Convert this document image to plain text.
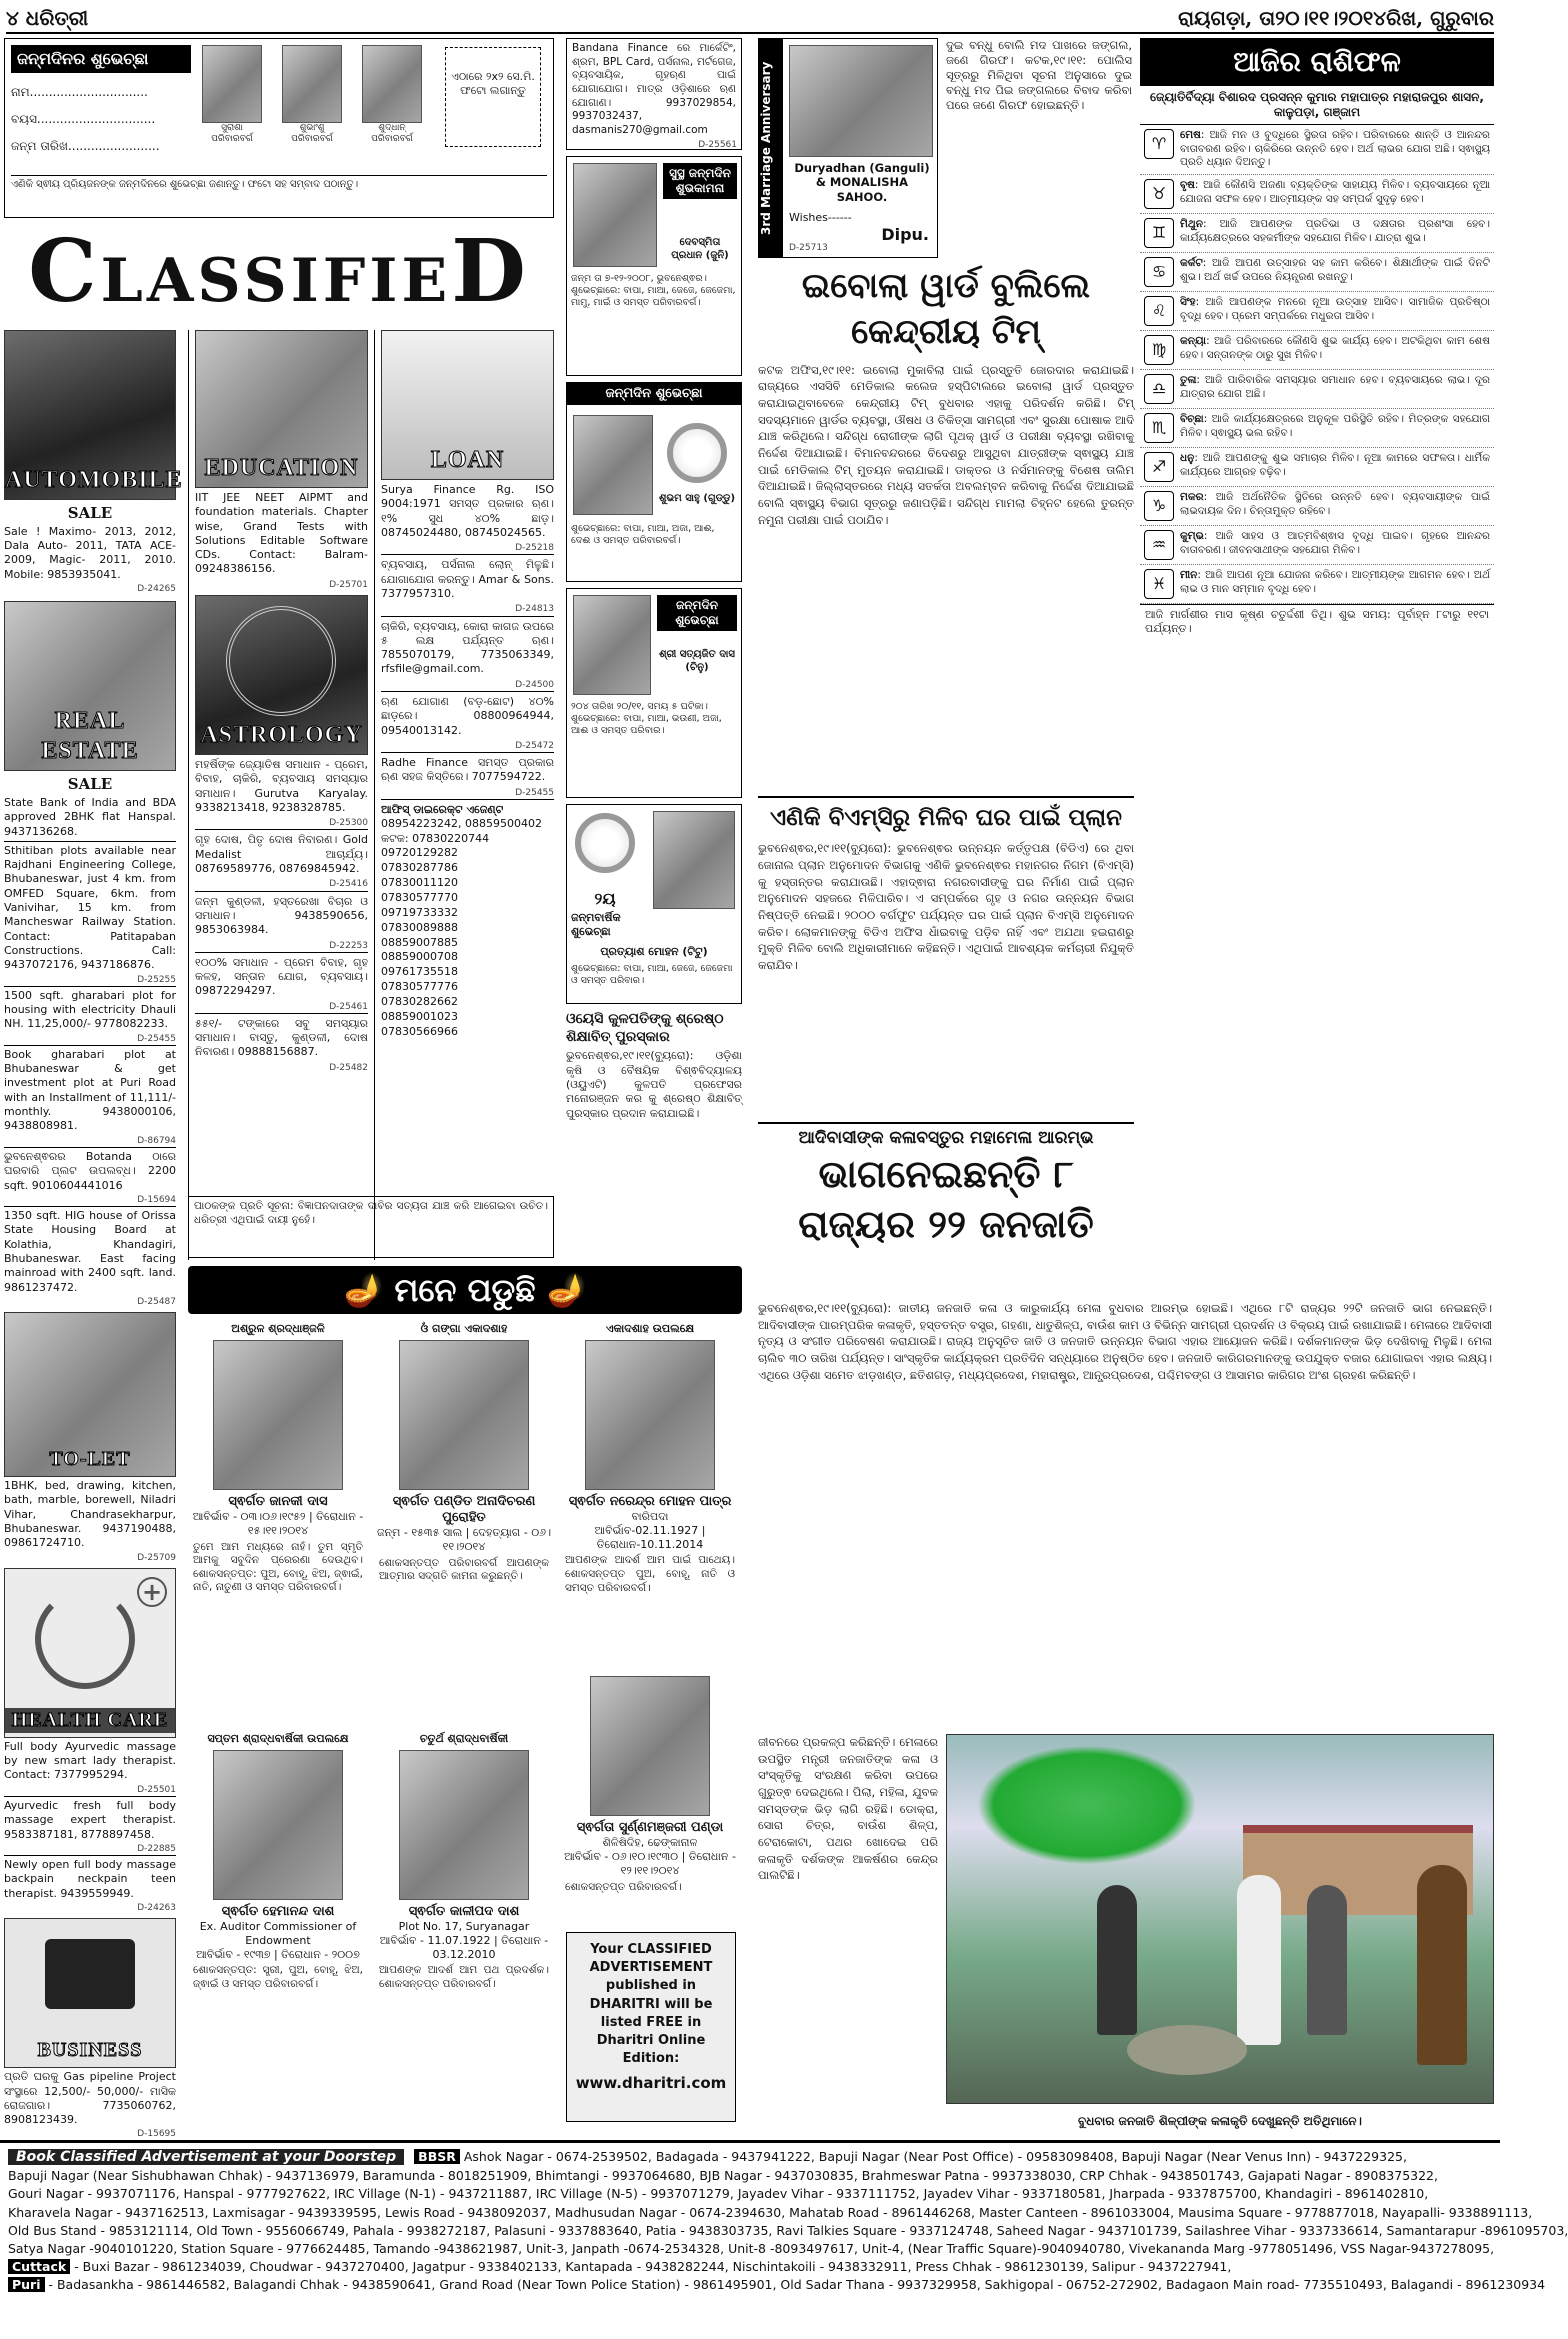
୪ ଧରିତ୍ରୀ	ରାୟଗଡ଼ା, ତା୨୦।୧୧।୨୦୧୪ରିଖ, ଗୁରୁବାର
ଜନ୍ମଦିନର ଶୁଭେଚ୍ଛା
ନାମ...............................
ବୟସ...............................
ଜନ୍ମ ତାରିଖ........................
ସୁରାଶା ପରିବାରବର୍ଗ
ଶୁଭାଂଶୁ ପରିବାରବର୍ଗ
ଶୁଦ୍ଧାନ୍ ପରିବାରବର୍ଗ
ଏଠାରେ ୨x୨ ସେ.ମି. ଫଟୋ ଲଗାନ୍ତୁ
ଏଣିକି ସ୍ଵୀୟ ପ୍ରିୟଜନଙ୍କ ଜନ୍ମଦିନରେ ଶୁଭେଚ୍ଛା ଜଣାନ୍ତୁ। ଫଟୋ ସହ ସମ୍ବାଦ ପଠାନ୍ତୁ।
ClassifieD
Bandana Finance ରେ ମାର୍କେଟିଂ, ଶ୍ରମ, BPL Card, ପର୍ସନାଲ, ମର୍ଟଗେଜ, ବ୍ୟବସାୟିକ, ଗୃହଋଣ ପାଇଁ ଯୋଗାଯୋଗ। ମାତ୍ର ଓଡ଼ିଶାରେ ଋଣ ଯୋଗାଣ। 9937029854, 9937032437, dasmanis270@gmail.com
D-25561
AUTOMOBILE
SALE
Sale ! Maximo- 2013, 2012, Dala Auto- 2011, TATA ACE- 2009, Magic- 2011, 2010. Mobile: 9853935041.
D-24265
REAL ESTATE
SALE
State Bank of India and BDA approved 2BHK flat Hanspal. 9437136268.
Sthitiban plots available near Rajdhani Engineering College, Bhubaneswar, just 4 km. from OMFED Square, 6km. from Vanivihar, 15 km. from Mancheswar Railway Station. Contact: Patitapaban Constructions. Call: 9437072176, 9437186876.
D-25255
1500 sqft. gharabari plot for housing with electricity Dhauli NH. 11,25,000/- 9778082233.
D-25455
Book gharabari plot at Bhubaneswar & get investment plot at Puri Road with an Installment of 11,111/- monthly. 9438000106, 9438808981.
D-86794
ଭୁବନେଶ୍ଵରର Botanda ଠାରେ ଘରବାରି ପ୍ଲଟ ଉପଲବ୍ଧ। 2200 sqft. 9010604441016
D-15694
1350 sqft. HIG house of Orissa State Housing Board at Kolathia, Khandagiri, Bhubaneswar. East facing mainroad with 2400 sqft. land. 9861237472.
D-25487
TO-LET
1BHK, bed, drawing, kitchen, bath, marble, borewell, Niladri Vihar, Chandrasekharpur, Bhubaneswar. 9437190488, 09861724710.
D-25709
+
HEALTH CARE
Full body Ayurvedic massage by new smart lady therapist. Contact: 7377995294.
D-25501
Ayurvedic fresh full body massage expert therapist. 9583387181, 8778897458.
D-22885
Newly open full body massage backpain neckpain teen therapist. 9439559949.
D-24263
BUSINESS
ପ୍ରତି ଘରକୁ Gas pipeline Project ସଂସ୍ଥାରେ 12,500/- 50,000/- ମାସିକ ରୋଜଗାର। 7735060762, 8908123439.
D-15695
EDUCATION
IIT JEE NEET AIPMT and foundation materials. Chapter wise, Grand Tests with Solutions Editable Software CDs. Contact: Balram- 09248386156.
D-25701
ASTROLOGY
ମହର୍ଷିଙ୍କ ଜ୍ୟୋତିଷ ସମାଧାନ - ପ୍ରେମ, ବିବାହ, ଚାକିରି, ବ୍ୟବସାୟ ସମସ୍ୟାର ସମାଧାନ। Gurutva Karyalay. 9338213418, 9238328785.
D-25300
ଗୃହ ଦୋଷ, ପିତୃ ଦୋଷ ନିବାରଣ। Gold Medalist ଆଚାର୍ଯ୍ୟ। 08769589776, 08769845942.
D-25416
ଜନ୍ମ କୁଣ୍ଡଳୀ, ହସ୍ତରେଖା ବିଚାର ଓ ସମାଧାନ। 9438590656, 9853063984.
D-22253
୧୦୦% ସମାଧାନ - ପ୍ରେମ ବିବାହ, ଗୃହ କଳହ, ସନ୍ତାନ ଯୋଗ, ବ୍ୟବସାୟ। 09872294297.
D-25461
୫୫୧/- ଟଙ୍କାରେ ସବୁ ସମସ୍ୟାର ସମାଧାନ। ବାସ୍ତୁ, କୁଣ୍ଡଳୀ, ଦୋଷ ନିବାରଣ। 09888156887.
D-25482
LOAN
Surya Finance Rg. ISO 9004:1971 ସମସ୍ତ ପ୍ରକାର ଋଣ। ୧% ସୁଧ ୪୦% ଛାଡ଼। 08745024480, 08745024565.
D-25218
ବ୍ୟବସାୟ, ପର୍ସନାଲ ଲୋନ୍ ମିଳୁଛି। ଯୋଗାଯୋଗ କରନ୍ତୁ। Amar & Sons. 7377957310.
D-24813
ଚାକିରି, ବ୍ୟବସାୟ, କୋରା କାଗଜ ଉପରେ ୫ ଲକ୍ଷ ପର୍ଯ୍ୟନ୍ତ ଋଣ। 7855070179, 7735063349, rfsfile@gmail.com.
D-24500
ଋଣ ଯୋଗାଣ (ବଡ଼-ଛୋଟ) ୪୦% ଛାଡ଼ରେ। 08800964944, 09540013142.
D-25472
Radhe Finance ସମସ୍ତ ପ୍ରକାର ଋଣ ସହଜ କିସ୍ତିରେ। 7077594722.
D-25455
ଆଫିସ୍ ଡାଇରେକ୍ଟ ଏଜେଣ୍ଟ
08954223242, 08859500402
କଟକ: 07830220744
09720129282
07830287786
07830011120
07830577770
09719733332
07830089888
08859007885
08859000708
09761735518
07830577776
07830282662
08859001023
07830566966
ପାଠକଙ୍କ ପ୍ରତି ସୂଚନା: ବିଜ୍ଞାପନଦାତାଙ୍କ ଦାବିର ସତ୍ୟତା ଯାଞ୍ଚ କରି ଆଗେଇବା ଉଚିତ। ଧରିତ୍ରୀ ଏଥିପାଇଁ ଦାୟୀ ନୁହେଁ।
ସୁସ୍ଥ ଜନ୍ମଦିନ ଶୁଭକାମନା
ଦେବସ୍ମିତା ପ୍ରଧାନ (ଜୁନି)
ଜନ୍ମ ତା ୭-୧୨-୨୦୦୮, ଭୁବନେଶ୍ଵର। ଶୁଭେଚ୍ଛାରେ: ବାପା, ମାଆ, ଜେଜେ, ଜେଜେମା, ମାମୁ, ମାଇଁ ଓ ସମସ୍ତ ପରିବାରବର୍ଗ।
ଜନ୍ମଦିନ ଶୁଭେଚ୍ଛା
ଶୁଭମ ସାହୁ (ଗୁଡ୍ଡୁ)
ଶୁଭେଚ୍ଛାରେ: ବାପା, ମାଆ, ଅଜା, ଆଈ, ଦେଈ ଓ ସମସ୍ତ ପରିବାରବର୍ଗ।
ଜନ୍ମଦିନ ଶୁଭେଚ୍ଛା
ଶ୍ରୀ ସତ୍ୟଜିତ ଦାସ (ଚିନୁ)
୨୦୪ ତାରିଖ ୨୦/୧୧, ସମୟ ୫ ଘଟିକା। ଶୁଭେଚ୍ଛାରେ: ବାପା, ମାଆ, ଭଉଣୀ, ଅଜା, ଆଈ ଓ ସମସ୍ତ ପରିବାର।
୨ୟ
ଜନ୍ମବାର୍ଷିକ ଶୁଭେଚ୍ଛା
ପ୍ରତ୍ୟାଶ ମୋହନ (ଟିଟୁ)
ଶୁଭେଚ୍ଛାରେ: ବାପା, ମାଆ, ଜେଜେ, ଜେଜେମା ଓ ସମସ୍ତ ପରିବାର।
ଓୟେସି କୁଳପତିଙ୍କୁ ଶ୍ରେଷ୍ଠ ଶିକ୍ଷାବିତ୍ ପୁରସ୍କାର
ଭୁବନେଶ୍ଵର,୧୯।୧୧(ବ୍ୟୁରୋ): ଓଡ଼ିଶା କୃଷି ଓ ବୈଷୟିକ ବିଶ୍ଵବିଦ୍ୟାଳୟ (ଓୟୁଏଟି) କୁଳପତି ପ୍ରଫେସର ମନୋରଞ୍ଜନ କର କୁ ଶ୍ରେଷ୍ଠ ଶିକ୍ଷାବିତ୍ ପୁରସ୍କାର ପ୍ରଦାନ କରାଯାଇଛି।
🪔 ମନେ ପଡୁଛି 🪔
ଅଶ୍ରୁଳ ଶ୍ରଦ୍ଧାଞ୍ଜଳି
ସ୍ଵର୍ଗତ ଜାନକୀ ଦାସ
ଆବିର୍ଭାବ - ୦୩।୦୬।୧୯୫୨ | ତିରୋଧାନ - ୧୫।୧୧।୨୦୧୪
ତୁମେ ଆମ ମଧ୍ୟରେ ନାହଁ। ତୁମ ସ୍ମୃତି ଆମକୁ ସବୁଦିନ ପ୍ରେରଣା ଦେଉଥିବ। ଶୋକସନ୍ତପ୍ତ: ପୁଅ, ବୋହୂ, ଝିଅ, ଜ୍ଵାଇଁ, ନାତି, ନାତୁଣୀ ଓ ସମସ୍ତ ପରିବାରବର୍ଗ।
ଓଁ ଗଙ୍ଗା ଏକାଦଶାହ
ସ୍ଵର୍ଗତ ପଣ୍ଡିତ ଅନାଦିଚରଣ ପୁରୋହିତ
ଜନ୍ମ - ୧୫୩୫ ସାଲ | ଦେହତ୍ୟାଗ - ୦୬।୧୧।୨୦୧୪
ଶୋକସନ୍ତପ୍ତ ପରିବାରବର୍ଗ ଆପଣଙ୍କ ଆତ୍ମାର ସଦ୍ଗତି କାମନା କରୁଛନ୍ତି।
ଏକାଦଶାହ ଉପଲକ୍ଷେ
ସ୍ଵର୍ଗତ ନରେନ୍ଦ୍ର ମୋହନ ପାତ୍ର
ବାରିପଦା
ଆବିର୍ଭାବ-02.11.1927 | ତିରୋଧାନ-10.11.2014
ଆପଣଙ୍କ ଆଦର୍ଶ ଆମ ପାଇଁ ପାଥେୟ। ଶୋକସନ୍ତପ୍ତ ପୁଅ, ବୋହୂ, ନାତି ଓ ସମସ୍ତ ପରିବାରବର୍ଗ।
ସପ୍ତମ ଶ୍ରାଦ୍ଧବାର୍ଷିକୀ ଉପଲକ୍ଷେ
ସ୍ଵର୍ଗତ ହେମାନନ୍ଦ ଦାଶ
Ex. Auditor Commissioner of Endowment
ଆବିର୍ଭାବ - ୧୯୩୭ | ତିରୋଧାନ - ୨୦୦୭
ଶୋକସନ୍ତପ୍ତ: ସ୍ତ୍ରୀ, ପୁଅ, ବୋହୂ, ଝିଅ, ଜ୍ଵାଇଁ ଓ ସମସ୍ତ ପରିବାରବର୍ଗ।
ଚତୁର୍ଥ ଶ୍ରାଦ୍ଧବାର୍ଷିକୀ
ସ୍ଵର୍ଗତ କାଳୀପଦ ଦାଶ
Plot No. 17, Suryanagar
ଆବିର୍ଭାବ - 11.07.1922 | ତିରୋଧାନ - 03.12.2010
ଆପଣଙ୍କ ଆଦର୍ଶ ଆମ ପଥ ପ୍ରଦର୍ଶକ। ଶୋକସନ୍ତପ୍ତ ପରିବାରବର୍ଗ।
ସ୍ଵର୍ଗତା ସୁର୍ଣ୍ଣମଞ୍ଜରୀ ପଣ୍ଡା
ଶିଳିଷିଦିହ, ଢେଙ୍କାନାଳ
ଆବିର୍ଭାବ - ୦୬।୧୦।୧୯୩୦ | ତିରୋଧାନ - ୧୨।୧୧।୨୦୧୪
ଶୋକସନ୍ତପ୍ତ ପରିବାରବର୍ଗ।
Your CLASSIFIED ADVERTISEMENT published in DHARITRI will be listed FREE in Dharitri Online Edition:
www.dharitri.com
3rd Marriage Anniversary	Duryadhan (Ganguli) & MONALISHA SAHOO.
Wishes------
Dipu.
D-25713
ଦୁଇ ବନ୍ଧୁ ବୋଲି ମଦ ପାଖରେ ଜଙ୍ଗଲ, ଜଣେ ଗିରଫ। କଟକ,୧୯।୧୧: ପୋଲିସ ସୂତ୍ରରୁ ମିଳିଥିବା ସୂଚନା ଅନୁସାରେ ଦୁଇ ବନ୍ଧୁ ମଦ ପିଇ ଜଙ୍ଗଲରେ ବିବାଦ କରିବା ପରେ ଜଣେ ଗିରଫ ହୋଇଛନ୍ତି।
ଇବୋଲା ୱାର୍ଡ ବୁଲିଲେ କେନ୍ଦ୍ରୀୟ ଟିମ୍
କଟକ ଅଫିସ,୧୯।୧୧: ଇବୋଲା ମୁକାବିଲା ପାଇଁ ପ୍ରସ୍ତୁତି ଜୋରଦାର କରାଯାଇଛି। ରାଜ୍ୟରେ ଏସସିବି ମେଡିକାଲ କଲେଜ ହସ୍ପିଟାଲରେ ଇବୋଲା ୱାର୍ଡ ପ୍ରସ୍ତୁତ କରାଯାଇଥିବାବେଳେ କେନ୍ଦ୍ରୀୟ ଟିମ୍ ବୁଧବାର ଏହାକୁ ପରିଦର୍ଶନ କରିଛି। ଟିମ୍ ସଦସ୍ୟମାନେ ୱାର୍ଡର ବ୍ୟବସ୍ଥା, ଔଷଧ ଓ ଚିକିତ୍ସା ସାମଗ୍ରୀ ଏବଂ ସୁରକ୍ଷା ପୋଷାକ ଆଦି ଯାଞ୍ଚ କରିଥିଲେ। ସନ୍ଦିଗ୍ଧ ରୋଗୀଙ୍କ ଲାଗି ପୃଥକ୍ ୱାର୍ଡ ଓ ପରୀକ୍ଷା ବ୍ୟବସ୍ଥା ରଖିବାକୁ ନିର୍ଦ୍ଦେଶ ଦିଆଯାଇଛି। ବିମାନବନ୍ଦରରେ ବିଦେଶରୁ ଆସୁଥିବା ଯାତ୍ରୀଙ୍କ ସ୍ଵାସ୍ଥ୍ୟ ଯାଞ୍ଚ ପାଇଁ ମେଡିକାଲ ଟିମ୍ ମୁତୟନ କରାଯାଇଛି। ଡାକ୍ତର ଓ ନର୍ସମାନଙ୍କୁ ବିଶେଷ ତାଲିମ ଦିଆଯାଇଛି। ଜିଲ୍ଲାସ୍ତରରେ ମଧ୍ୟ ସତର୍କତା ଅବଲମ୍ବନ କରିବାକୁ ନିର୍ଦ୍ଦେଶ ଦିଆଯାଇଛି ବୋଲି ସ୍ଵାସ୍ଥ୍ୟ ବିଭାଗ ସୂତ୍ରରୁ ଜଣାପଡ଼ିଛି। ସନ୍ଦିଗ୍ଧ ମାମଲା ଚିହ୍ନଟ ହେଲେ ତୁରନ୍ତ ନମୁନା ପରୀକ୍ଷା ପାଇଁ ପଠାଯିବ।
ଏଣିକି ବିଏମ୍ସିରୁ ମିଳିବ ଘର ପାଇଁ ପ୍ଲାନ
ଭୁବନେଶ୍ଵର,୧୯।୧୧(ବ୍ୟୁରୋ): ଭୁବନେଶ୍ଵର ଉନ୍ନୟନ କର୍ତ୍ତୃପକ୍ଷ (ବିଡିଏ) ରେ ଥିବା ଜୋନାଲ ପ୍ଲାନ ଅନୁମୋଦନ ବିଭାଗକୁ ଏଣିକି ଭୁବନେଶ୍ଵର ମହାନଗର ନିଗମ (ବିଏମ୍ସି) କୁ ହସ୍ତାନ୍ତର କରାଯାଉଛି। ଏହାଦ୍ଵାରା ନଗରବାସୀଙ୍କୁ ଘର ନିର୍ମାଣ ପାଇଁ ପ୍ଲାନ ଅନୁମୋଦନ ସହଜରେ ମିଳିପାରିବ। ଏ ସମ୍ପର୍କରେ ଗୃହ ଓ ନଗର ଉନ୍ନୟନ ବିଭାଗ ନିଷ୍ପତ୍ତି ନେଇଛି। ୨୦୦୦ ବର୍ଗଫୁଟ ପର୍ଯ୍ୟନ୍ତ ଘର ପାଇଁ ପ୍ଲାନ ବିଏମ୍ସି ଅନୁମୋଦନ କରିବ। ଲୋକମାନଙ୍କୁ ବିଡିଏ ଅଫିସ ଧାଁଇବାକୁ ପଡ଼ିବ ନାହିଁ ଏବଂ ଅଯଥା ହଇରାଣରୁ ମୁକ୍ତି ମିଳିବ ବୋଲି ଅଧିକାରୀମାନେ କହିଛନ୍ତି। ଏଥିପାଇଁ ଆବଶ୍ୟକ କର୍ମଚାରୀ ନିଯୁକ୍ତି କରାଯିବ।
ଆଦିବାସୀଙ୍କ କଳାବସ୍ତୁର ମହାମେଳା ଆରମ୍ଭ
ଭାଗନେଇଛନ୍ତି ୮
ରାଜ୍ୟର ୨୨ ଜନଜାତି
ଭୁବନେଶ୍ଵର,୧୯।୧୧(ବ୍ୟୁରୋ): ଜାତୀୟ ଜନଜାତି କଳା ଓ କାରୁକାର୍ଯ୍ୟ ମେଳା ବୁଧବାର ଆରମ୍ଭ ହୋଇଛି। ଏଥିରେ ୮ଟି ରାଜ୍ୟର ୨୨ଟି ଜନଜାତି ଭାଗ ନେଇଛନ୍ତି। ଆଦିବାସୀଙ୍କ ପାରମ୍ପରିକ କଳାକୃତି, ହସ୍ତତନ୍ତ ବସ୍ତ୍ର, ଗହଣା, ଧାତୁଶିଳ୍ପ, ବାଉଁଶ କାମ ଓ ବିଭିନ୍ନ ସାମଗ୍ରୀ ପ୍ରଦର୍ଶନ ଓ ବିକ୍ରୟ ପାଇଁ ରଖାଯାଇଛି। ମେଳାରେ ଆଦିବାସୀ ନୃତ୍ୟ ଓ ସଂଗୀତ ପରିବେଷଣ କରାଯାଉଛି। ରାଜ୍ୟ ଅନୁସୂଚିତ ଜାତି ଓ ଜନଜାତି ଉନ୍ନୟନ ବିଭାଗ ଏହାର ଆୟୋଜନ କରିଛି। ଦର୍ଶକମାନଙ୍କ ଭିଡ଼ ଦେଖିବାକୁ ମିଳୁଛି। ମେଳା ଚାଲିବ ୩୦ ତାରିଖ ପର୍ଯ୍ୟନ୍ତ। ସାଂସ୍କୃତିକ କାର୍ଯ୍ୟକ୍ରମ ପ୍ରତିଦିନ ସନ୍ଧ୍ୟାରେ ଅନୁଷ୍ଠିତ ହେବ। ଜନଜାତି କାରିଗରମାନଙ୍କୁ ଉପଯୁକ୍ତ ବଜାର ଯୋଗାଇବା ଏହାର ଲକ୍ଷ୍ୟ। ଏଥିରେ ଓଡ଼ିଶା ସମେତ ଝାଡ଼ଖଣ୍ଡ, ଛତିଶଗଡ଼, ମଧ୍ୟପ୍ରଦେଶ, ମହାରାଷ୍ଟ୍ର, ଆନ୍ଧ୍ରପ୍ରଦେଶ, ପଶ୍ଚିମବଙ୍ଗ ଓ ଆସାମର କାରିଗର ଅଂଶ ଗ୍ରହଣ କରିଛନ୍ତି।
ଆଜିର ରାଶିଫଳ
ଜ୍ୟୋତିର୍ବିଦ୍ୟା ବିଶାରଦ ପ୍ରସନ୍ନ କୁମାର ମହାପାତ୍ର ମହାରାଜପୁର ଶାସନ, କାଳୁପଡ଼ା, ଗଞ୍ଜାମ
♈	ମେଷ: ଆଜି ମନ ଓ ବୁଦ୍ଧିରେ ସ୍ଥିରତା ରହିବ। ପରିବାରରେ ଶାନ୍ତି ଓ ଆନନ୍ଦର ବାତାବରଣ ରହିବ। ଚାକିରିରେ ଉନ୍ନତି ହେବ। ଅର୍ଥ ଲାଭର ଯୋଗ ଅଛି। ସ୍ଵାସ୍ଥ୍ୟ ପ୍ରତି ଧ୍ୟାନ ଦିଅନ୍ତୁ।
♉	ବୃଷ: ଆଜି କୌଣସି ଅଜଣା ବ୍ୟକ୍ତିଙ୍କ ସାହାଯ୍ୟ ମିଳିବ। ବ୍ୟବସାୟରେ ନୂଆ ଯୋଜନା ସଫଳ ହେବ। ଆତ୍ମୀୟଙ୍କ ସହ ସମ୍ପର୍କ ସୁଦୃଢ଼ ହେବ।
♊	ମିଥୁନ: ଆଜି ଆପଣଙ୍କ ପ୍ରତିଭା ଓ ଦକ୍ଷତାର ପ୍ରଶଂସା ହେବ। କାର୍ଯ୍ୟକ୍ଷେତ୍ରରେ ସହକର୍ମୀଙ୍କ ସହଯୋଗ ମିଳିବ। ଯାତ୍ରା ଶୁଭ।
♋	କର୍କଟ: ଆଜି ଆପଣ ଉତ୍ସାହର ସହ କାମ କରିବେ। ଶିକ୍ଷାର୍ଥୀଙ୍କ ପାଇଁ ଦିନଟି ଶୁଭ। ଅର୍ଥ ଖର୍ଚ୍ଚ ଉପରେ ନିୟନ୍ତ୍ରଣ ରଖନ୍ତୁ।
♌	ସିଂହ: ଆଜି ଆପଣଙ୍କ ମନରେ ନୂଆ ଉତ୍ସାହ ଆସିବ। ସାମାଜିକ ପ୍ରତିଷ୍ଠା ବୃଦ୍ଧି ହେବ। ପ୍ରେମ ସମ୍ପର୍କରେ ମଧୁରତା ଆସିବ।
♍	କନ୍ୟା: ଆଜି ପରିବାରରେ କୌଣସି ଶୁଭ କାର୍ଯ୍ୟ ହେବ। ଅଟକିଥିବା କାମ ଶେଷ ହେବ। ସନ୍ତାନଙ୍କ ଠାରୁ ସୁଖ ମିଳିବ।
♎	ତୁଳା: ଆଜି ପାରିବାରିକ ସମସ୍ୟାର ସମାଧାନ ହେବ। ବ୍ୟବସାୟରେ ଲାଭ। ଦୂର ଯାତ୍ରାର ଯୋଗ ଅଛି।
♏	ବିଚ୍ଛା: ଆଜି କାର୍ଯ୍ୟକ୍ଷେତ୍ରରେ ଅନୁକୂଳ ପରିସ୍ଥିତି ରହିବ। ମିତ୍ରଙ୍କ ସହଯୋଗ ମିଳିବ। ସ୍ଵାସ୍ଥ୍ୟ ଭଲ ରହିବ।
♐	ଧନୁ: ଆଜି ଆପଣଙ୍କୁ ଶୁଭ ସମାଚାର ମିଳିବ। ନୂଆ କାମରେ ସଫଳତା। ଧାର୍ମିକ କାର୍ଯ୍ୟରେ ଆଗ୍ରହ ବଢ଼ିବ।
♑	ମକର: ଆଜି ଅର୍ଥନୈତିକ ସ୍ଥିତିରେ ଉନ୍ନତି ହେବ। ବ୍ୟବସାୟୀଙ୍କ ପାଇଁ ଲାଭଦାୟକ ଦିନ। ଚିନ୍ତାମୁକ୍ତ ରହିବେ।
♒	କୁମ୍ଭ: ଆଜି ସାହସ ଓ ଆତ୍ମବିଶ୍ଵାସ ବୃଦ୍ଧି ପାଇବ। ଗୃହରେ ଆନନ୍ଦର ବାତାବରଣ। ଜୀବନସାଥୀଙ୍କ ସହଯୋଗ ମିଳିବ।
♓	ମୀନ: ଆଜି ଆପଣ ନୂଆ ଯୋଜନା କରିବେ। ଆତ୍ମୀୟଙ୍କ ଆଗମନ ହେବ। ଅର୍ଥ ଲାଭ ଓ ମାନ ସମ୍ମାନ ବୃଦ୍ଧି ହେବ।
ଆଜି ମାର୍ଗଶୀର ମାସ କୃଷ୍ଣ ଚତୁର୍ଦ୍ଦଶୀ ତିଥି। ଶୁଭ ସମୟ: ପୂର୍ବାହ୍ନ ୮ଟାରୁ ୧୧ଟା ପର୍ଯ୍ୟନ୍ତ।
ଜୀବନରେ ପ୍ରକଳ୍ପ କରିଛନ୍ତି। ମେଳାରେ ଉପସ୍ଥିତ ମନ୍ତ୍ରୀ ଜନଜାତିଙ୍କ କଳା ଓ ସଂସ୍କୃତିକୁ ସଂରକ୍ଷଣ କରିବା ଉପରେ ଗୁରୁତ୍ଵ ଦେଇଥିଲେ। ପିଲା, ମହିଳା, ଯୁବକ ସମସ୍ତଙ୍କ ଭିଡ଼ ଲାଗି ରହିଛି। ଡୋକ୍ରା, ସୋରା ଚିତ୍ର, ବାଉଁଶ ଶିଳ୍ପ, ଟେରାକୋଟା, ପଥର ଖୋଦେଇ ପରି କଳାକୃତି ଦର୍ଶକଙ୍କ ଆକର୍ଷଣର କେନ୍ଦ୍ର ପାଲଟିଛି।
ବୁଧବାର ଜନଜାତି ଶିଳ୍ପୀଙ୍କ କଳାକୃତି ଦେଖୁଛନ୍ତି ଅତିଥିମାନେ।
Book Classified Advertisement at your Doorstep BBSR Ashok Nagar - 0674-2539502, Badagada - 9437941222, Bapuji Nagar (Near Post Office) - 09583098408, Bapuji Nagar (Near Venus Inn) - 9437229325,
Bapuji Nagar (Near Sishubhawan Chhak) - 9437136979, Baramunda - 8018251909, Bhimtangi - 9937064680, BJB Nagar - 9437030835, Brahmeswar Patna - 9937338030, CRP Chhak - 9438501743, Gajapati Nagar - 8908375322,
Gouri Nagar - 9937071176, Hanspal - 9777927622, IRC Village (N-1) - 9437211887, IRC Village (N-5) - 9937071279, Jayadev Vihar - 9337111752, Jayadev Vihar - 9337180581, Jharpada - 9337875700, Khandagiri - 8961402810,
Kharavela Nagar - 9437162513, Laxmisagar - 9439339595, Lewis Road - 9438092037, Madhusudan Nagar - 0674-2394630, Mahatab Road - 8961446268, Master Canteen - 8961033004, Mausima Square - 9778877018, Nayapalli- 9338891113,
Old Bus Stand - 9853121114, Old Town - 9556066749, Pahala - 9938272187, Palasuni - 9337883640, Patia - 9438303735, Ravi Talkies Square - 9337124748, Saheed Nagar - 9437101739, Sailashree Vihar - 9337336614, Samantarapur -8961095703,
Satya Nagar -9040101220, Station Square - 9776624485, Tamando -9438621987, Unit-3, Janpath -0674-2534328, Unit-8 -8093497617, Unit-4, (Near Traffic Square)-9040940780, Vivekananda Marg -9778051496, VSS Nagar-9437278095,
Cuttack - Buxi Bazar - 9861234039, Choudwar - 9437270400, Jagatpur - 9338402133, Kantapada - 9438282244, Nischintakoili - 9438332911, Press Chhak - 9861230139, Salipur - 9437227941,
Puri - Badasankha - 9861446582, Balagandi Chhak - 9438590641, Grand Road (Near Town Police Station) - 9861495901, Old Sadar Thana - 9937329958, Sakhigopal - 06752-272902, Badagaon Main road- 7735510493, Balagandi - 8961230934
